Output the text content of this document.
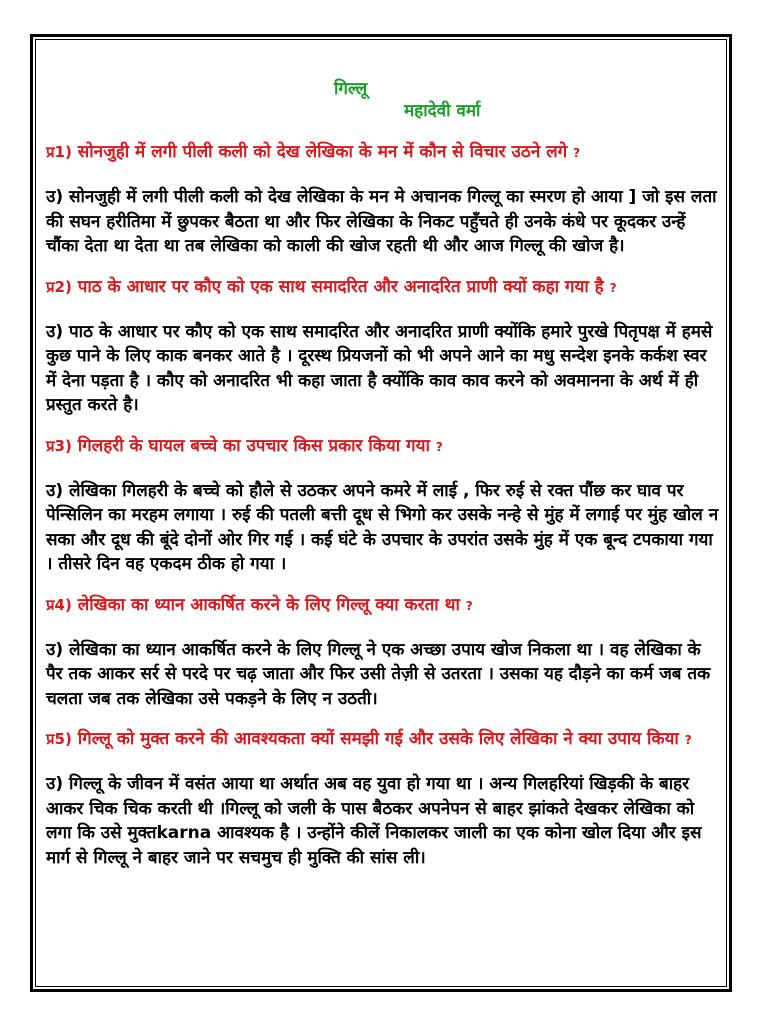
गिल्लू
महादेवी वर्मा
प्र1) सोनजुही में लगी पीली कली को देख लेखिका के मन में कौन से विचार उठने लगे ?
उ) सोनजुही में लगी पीली कली को देख लेखिका के मन मे अचानक गिल्लू का स्मरण हो आया ] जो इस लता की सघन हरीतिमा में छुपकर बैठता था और फिर लेखिका के निकट पहुँचते ही उनके कंधे पर कूदकर उन्हें चौंका देता था देता था तब लेखिका को काली की खोज रहती थी और आज गिल्लू की खोज है।
प्र2) पाठ के आधार पर कौए को एक साथ समादरित और अनादरित प्राणी क्यों कहा गया है ?
उ) पाठ के आधार पर कौए को एक साथ समादरित और अनादरित प्राणी क्योंकि हमारे पुरखे पितृपक्ष में हमसे कुछ पाने के लिए काक बनकर आते है । दूरस्थ प्रियजनों को भी अपने आने का मधु सन्देश इनके कर्कश स्वर में देना पड़ता है । कौए को अनादरित भी कहा जाता है क्योंकि काव काव करने को अवमानना के अर्थ में ही प्रस्तुत करते है।
प्र3) गिलहरी के घायल बच्चे का उपचार किस प्रकार किया गया ?
उ) लेखिका गिलहरी के बच्चे को हौले से उठकर अपने कमरे में लाई , फिर रुई से रक्त पौंछ कर घाव पर पेन्सिलिन का मरहम लगाया । रुई की पतली बत्ती दूध से भिगो कर उसके नन्हे से मुंह में लगाई पर मुंह खोल न सका और दूध की बूंदे दोनों ओर गिर गई । कई घंटे के उपचार के उपरांत उसके मुंह में एक बून्द टपकाया गया । तीसरे दिन वह एकदम ठीक हो गया ।
प्र4) लेखिका का ध्यान आकर्षित करने के लिए गिल्लू क्या करता था ?
उ) लेखिका का ध्यान आकर्षित करने के लिए गिल्लू ने एक अच्छा उपाय खोज निकला था । वह लेखिका के पैर तक आकर सर्र से परदे पर चढ़ जाता और फिर उसी तेज़ी से उतरता । उसका यह दौड़ने का कर्म जब तक चलता जब तक लेखिका उसे पकड़ने के लिए न उठती।
प्र5) गिल्लू को मुक्त करने की आवश्यकता क्यों समझी गई और उसके लिए लेखिका ने क्या उपाय किया ?
उ) गिल्लू के जीवन में वसंत आया था अर्थात अब वह युवा हो गया था । अन्य गिलहरियां खिड़की के बाहर आकर चिक चिक करती थी ।गिल्लू को जली के पास बैठकर अपनेपन से बाहर झांकते देखकर लेखिका को लगा कि उसे मुक्तkarna आवश्यक है । उन्होंने कीलें निकालकर जाली का एक कोना खोल दिया और इस मार्ग से गिल्लू ने बाहर जाने पर सचमुच ही मुक्ति की सांस ली।
